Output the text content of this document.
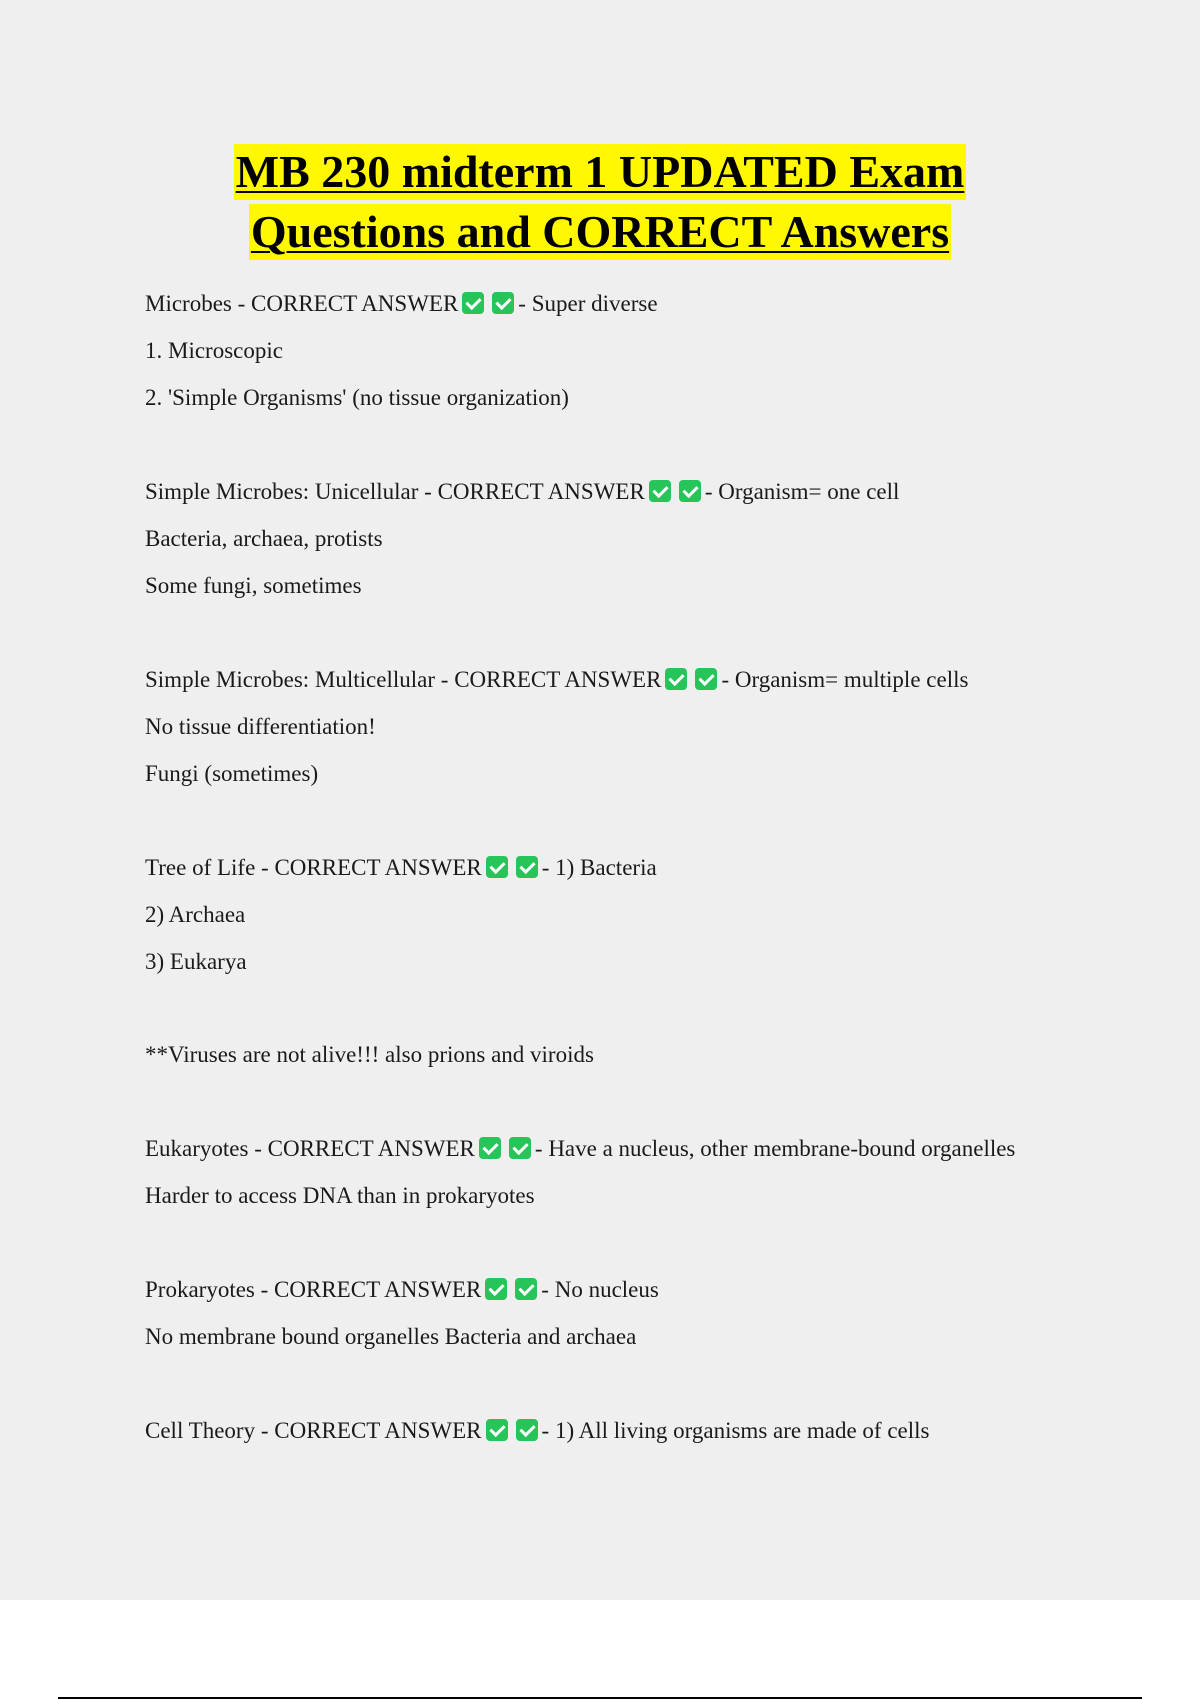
MB 230 midterm 1 UPDATED Exam
Questions and CORRECT Answers
Microbes - CORRECT ANSWER	- Super diverse
1. Microscopic
2. 'Simple Organisms' (no tissue organization)
Simple Microbes: Unicellular - CORRECT ANSWER	- Organism= one cell
Bacteria, archaea, protists
Some fungi, sometimes
Simple Microbes: Multicellular - CORRECT ANSWER	- Organism= multiple cells
No tissue differentiation!
Fungi (sometimes)
Tree of Life - CORRECT ANSWER	- 1) Bacteria
2) Archaea
3) Eukarya
**Viruses are not alive!!! also prions and viroids
Eukaryotes - CORRECT ANSWER	- Have a nucleus, other membrane-bound organelles
Harder to access DNA than in prokaryotes
Prokaryotes - CORRECT ANSWER	- No nucleus
No membrane bound organelles Bacteria and archaea
Cell Theory - CORRECT ANSWER	- 1) All living organisms are made of cells
